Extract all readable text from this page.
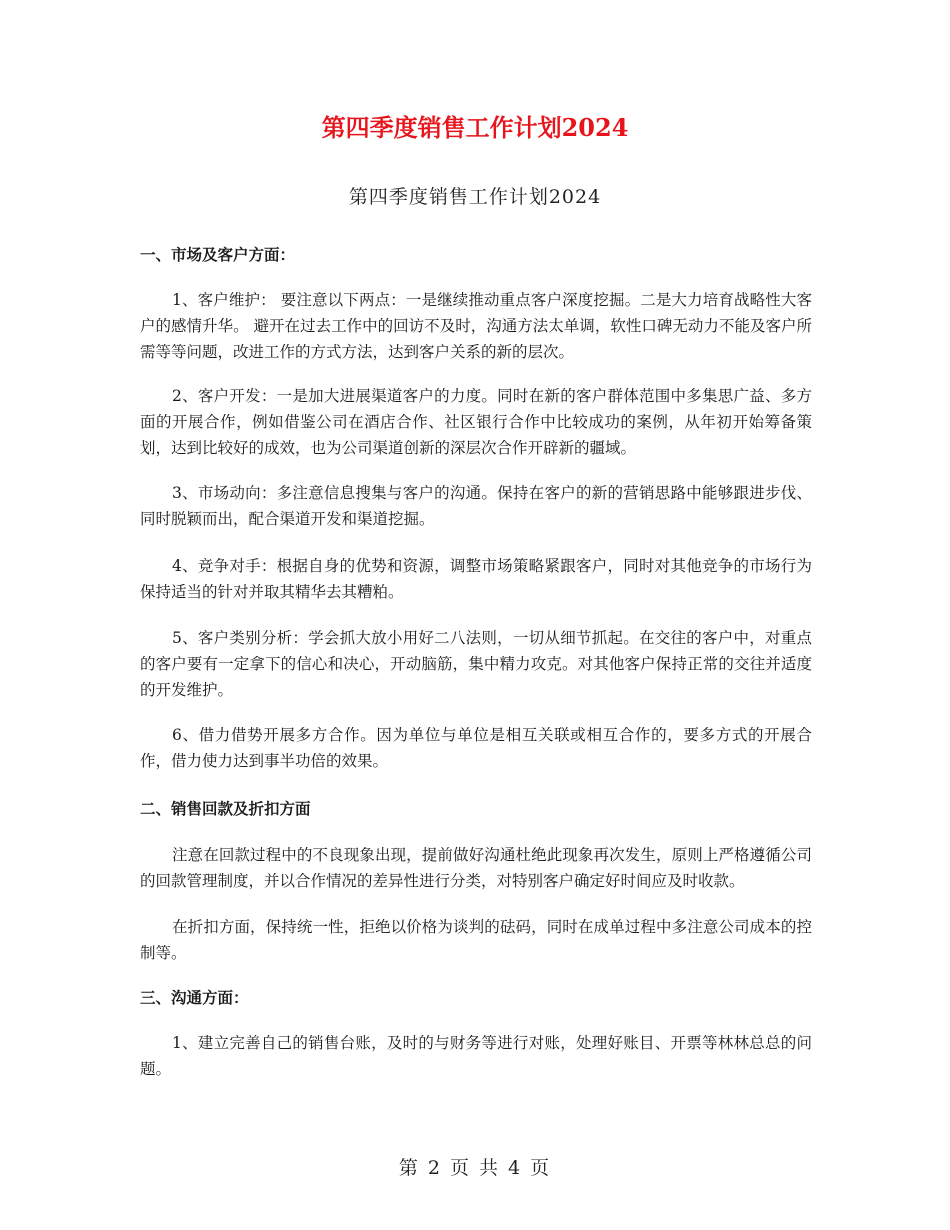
第四季度销售工作计划2024
第四季度销售工作计划2024
一、市场及客户方面：

1、客户维护： 要注意以下两点：一是继续推动重点客户深度挖掘。二是大力培育战略性大客户的感情升华。 避开在过去工作中的回访不及时，沟通方法太单调，软性口碑无动力不能及客户所需等等问题，改进工作的方式方法，达到客户关系的新的层次。

2、客户开发：一是加大进展渠道客户的力度。同时在新的客户群体范围中多集思广益、多方面的开展合作，例如借鉴公司在酒店合作、社区银行合作中比较成功的案例，从年初开始筹备策划，达到比较好的成效，也为公司渠道创新的深层次合作开辟新的疆域。

3、市场动向：多注意信息搜集与客户的沟通。保持在客户的新的营销思路中能够跟进步伐、同时脱颖而出，配合渠道开发和渠道挖掘。

4、竞争对手：根据自身的优势和资源，调整市场策略紧跟客户，同时对其他竞争的市场行为保持适当的针对并取其精华去其糟粕。

5、客户类别分析：学会抓大放小用好二八法则，一切从细节抓起。在交往的客户中，对重点的客户要有一定拿下的信心和决心，开动脑筋，集中精力攻克。对其他客户保持正常的交往并适度的开发维护。

6、借力借势开展多方合作。因为单位与单位是相互关联或相互合作的，要多方式的开展合作，借力使力达到事半功倍的效果。

二、销售回款及折扣方面

注意在回款过程中的不良现象出现，提前做好沟通杜绝此现象再次发生，原则上严格遵循公司的回款管理制度，并以合作情况的差异性进行分类，对特别客户确定好时间应及时收款。

在折扣方面，保持统一性，拒绝以价格为谈判的砝码，同时在成单过程中多注意公司成本的控制等。

三、沟通方面：

1、建立完善自己的销售台账，及时的与财务等进行对账，处理好账目、开票等林林总总的问题。

第 2 页 共 4 页
